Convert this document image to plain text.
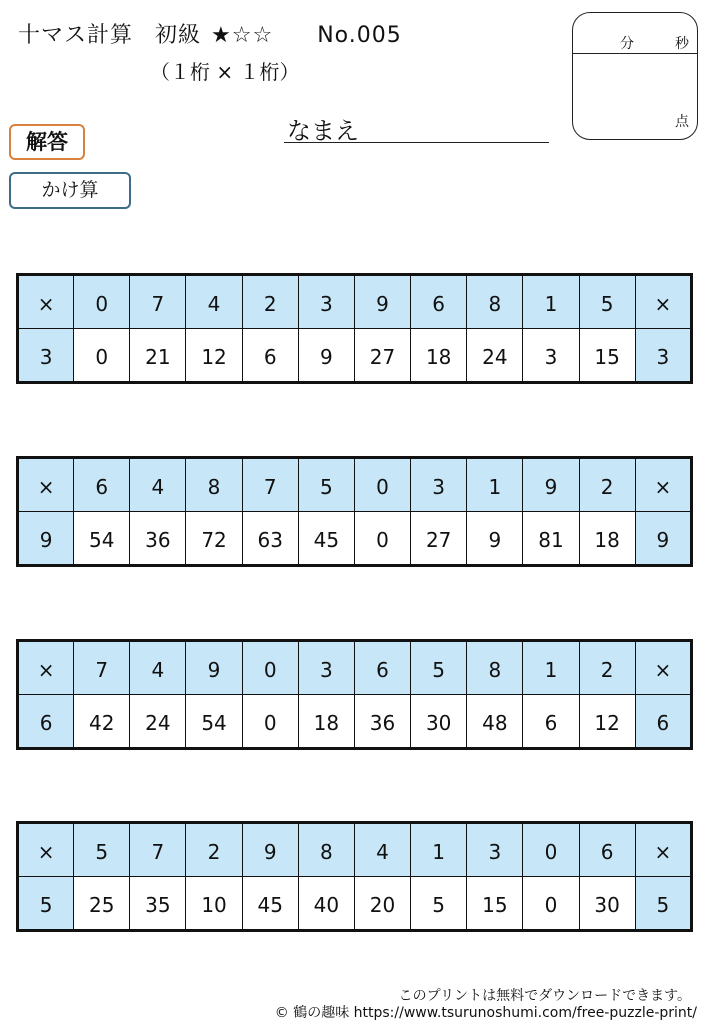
十マス計算 初級 ★☆☆ No.005
（１桁 × １桁）
分	秒
点
解答
かけ算
なまえ
×	0	7	4	2	3	9	6	8	1	5	×
3	0	21	12	6	9	27	18	24	3	15	3
×	6	4	8	7	5	0	3	1	9	2	×
9	54	36	72	63	45	0	27	9	81	18	9
×	7	4	9	0	3	6	5	8	1	2	×
6	42	24	54	0	18	36	30	48	6	12	6
×	5	7	2	9	8	4	1	3	0	6	×
5	25	35	10	45	40	20	5	15	0	30	5
このプリントは無料でダウンロードできます。
© 鶴の趣味 https://www.tsurunoshumi.com/free-puzzle-print/
